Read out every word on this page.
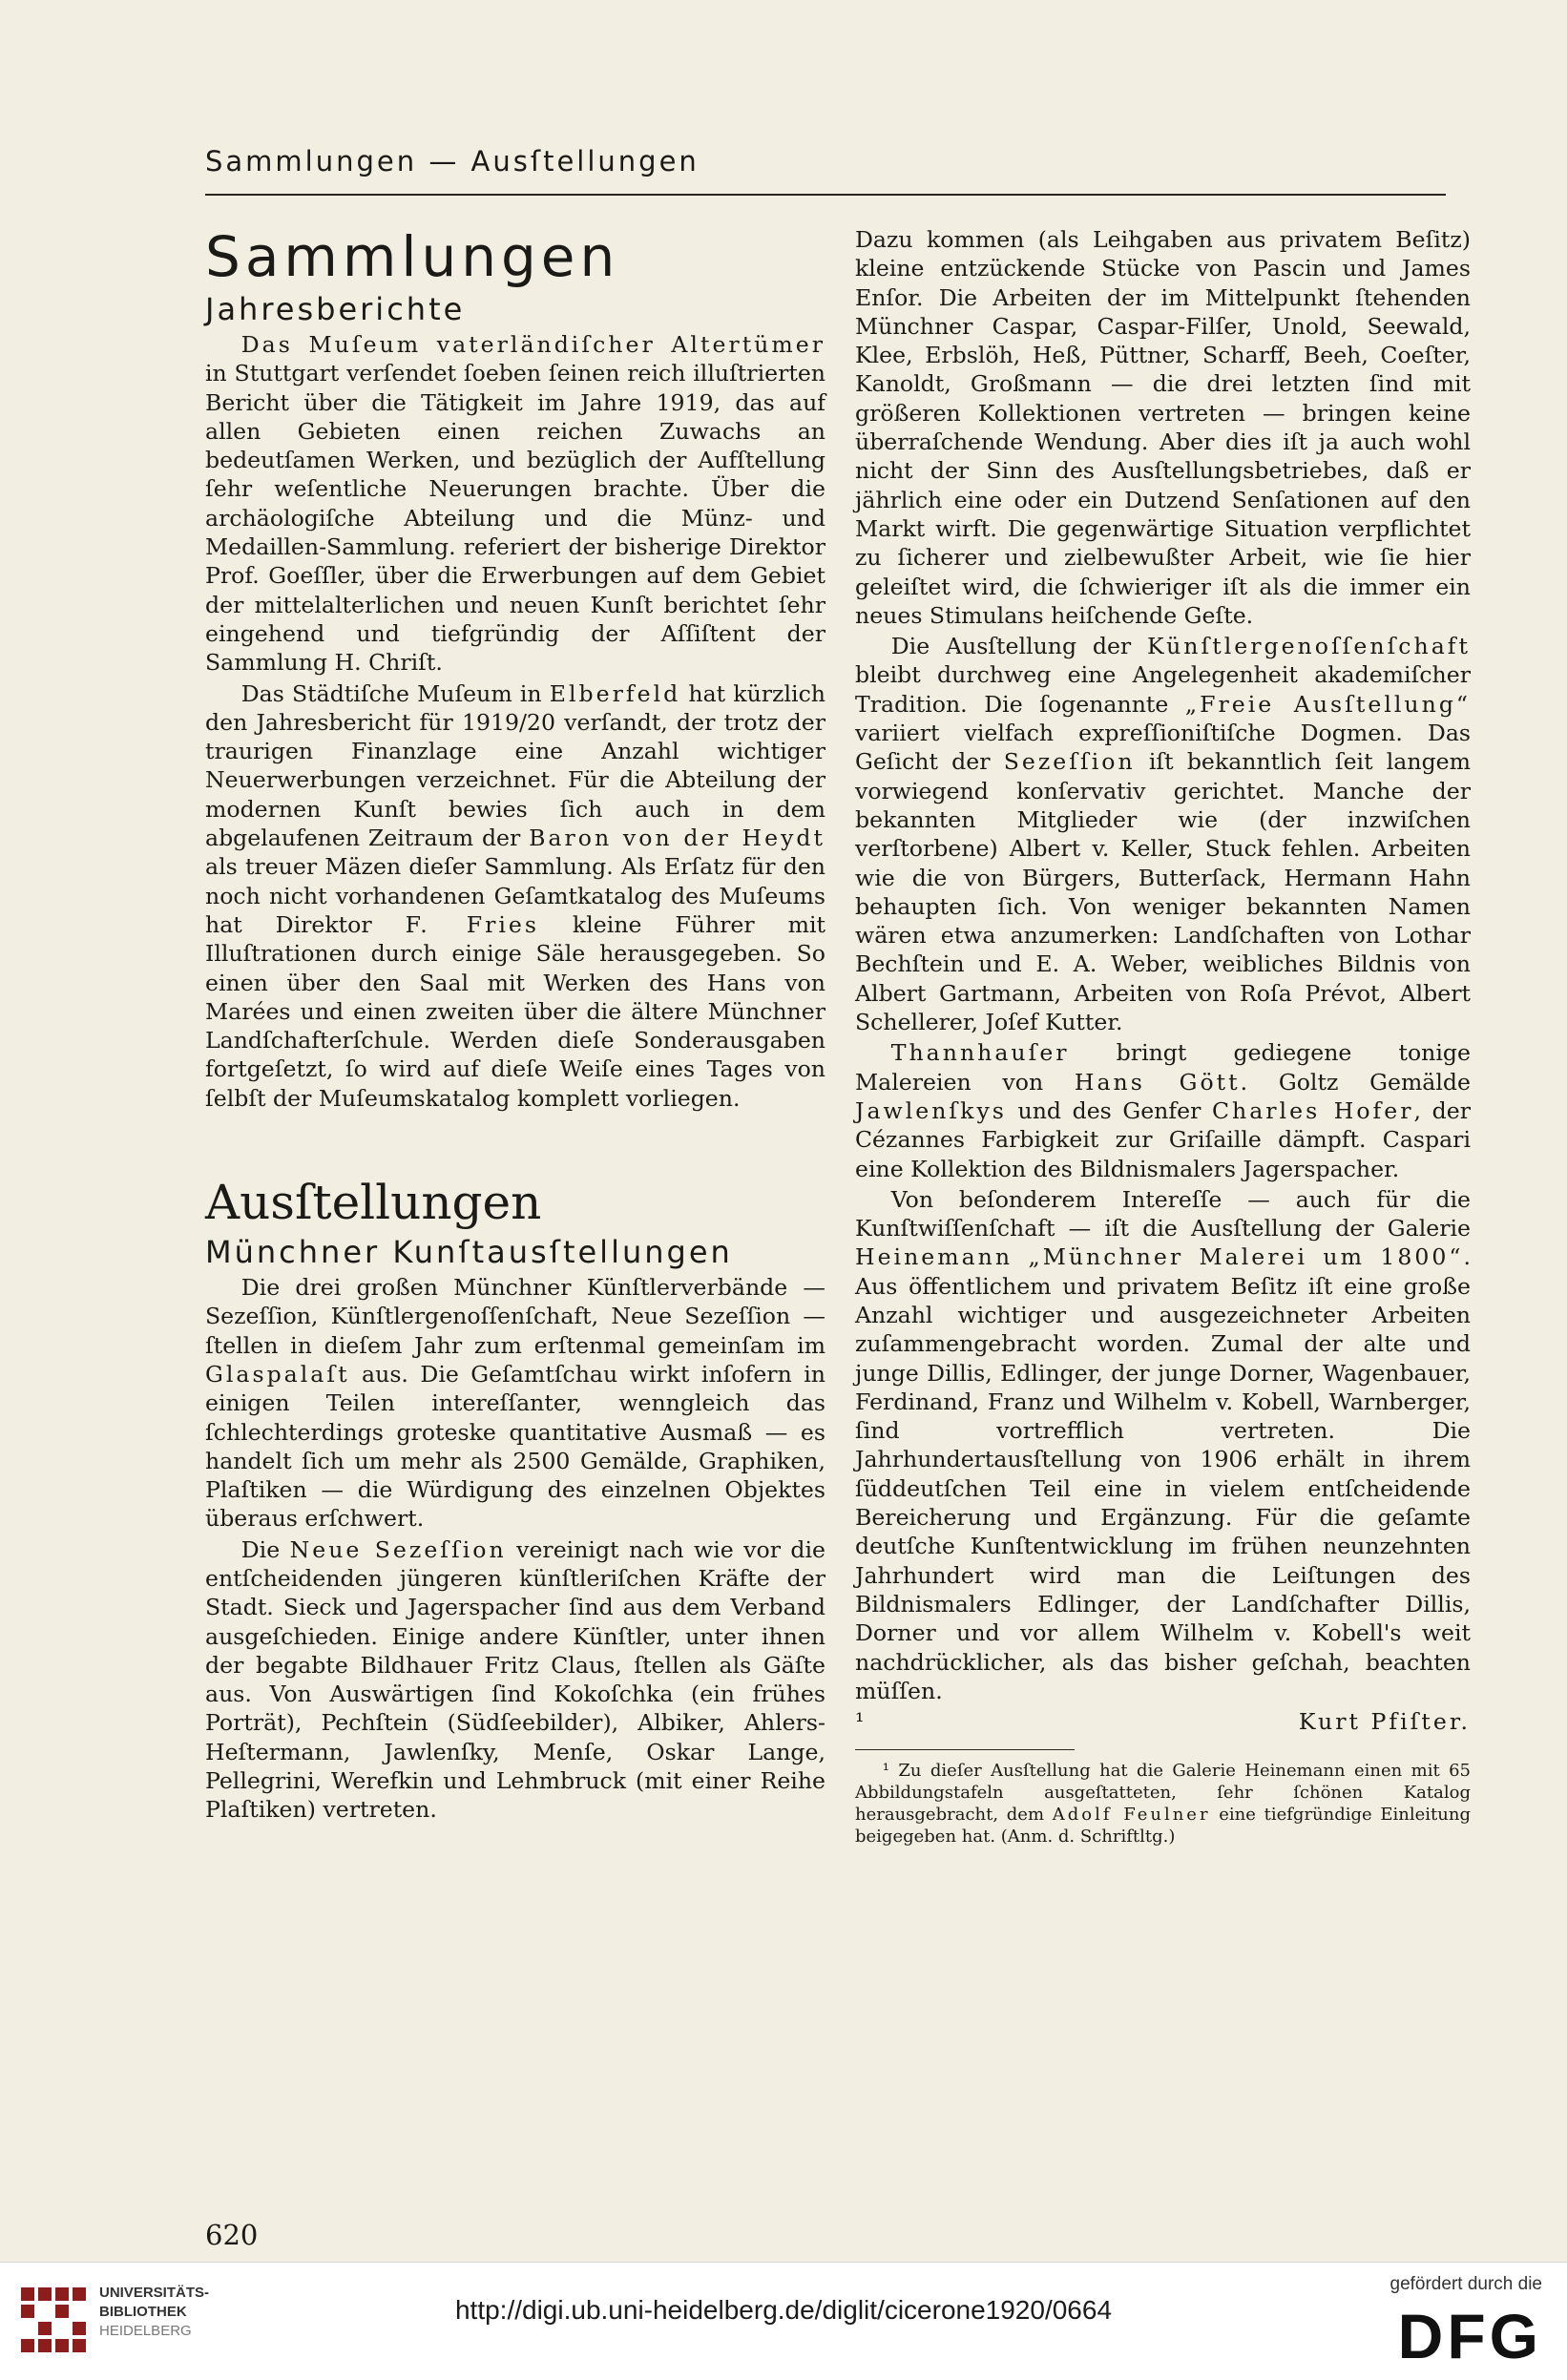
Sammlungen — Ausſtellungen
Sammlungen
Jahresberichte

Das Muſeum vaterländiſcher Altertümer in Stuttgart verſendet ſoeben ſeinen reich illuſtrierten Bericht über die Tätigkeit im Jahre 1919, das auf allen Gebieten einen reichen Zuwachs an bedeutſamen Werken, und bezüglich der Aufſtellung ſehr weſentliche Neuerungen brachte. Über die archäologiſche Abteilung und die Münz- und Medaillen-Sammlung. referiert der bisherige Direktor Prof. Goeſſler, über die Erwerbungen auf dem Gebiet der mittelalterlichen und neuen Kunſt berichtet ſehr eingehend und tiefgründig der Aſſiſtent der Sammlung H. Chriſt.

Das Städtiſche Muſeum in Elberfeld hat kürzlich den Jahresbericht für 1919/20 verſandt, der trotz der traurigen Finanzlage eine Anzahl wichtiger Neuerwerbungen verzeichnet. Für die Abteilung der modernen Kunſt bewies ſich auch in dem abgelaufenen Zeitraum der Baron von der Heydt als treuer Mäzen dieſer Sammlung. Als Erſatz für den noch nicht vorhandenen Geſamtkatalog des Muſeums hat Direktor F. Fries kleine Führer mit Illuſtrationen durch einige Säle herausgegeben. So einen über den Saal mit Werken des Hans von Marées und einen zweiten über die ältere Münchner Landſchafterſchule. Werden dieſe Sonderausgaben fortgeſetzt, ſo wird auf dieſe Weiſe eines Tages von ſelbſt der Muſeumskatalog komplett vorliegen.

Ausſtellungen
Münchner Kunſtausſtellungen

Die drei großen Münchner Künſtlerverbände — Sezeſſion, Künſtlergenoſſenſchaft, Neue Sezeſſion — ſtellen in dieſem Jahr zum erſtenmal gemeinſam im Glaspalaſt aus. Die Geſamtſchau wirkt inſofern in einigen Teilen intereſſanter, wenngleich das ſchlechterdings groteske quantitative Ausmaß — es handelt ſich um mehr als 2500 Gemälde, Graphiken, Plaſtiken — die Würdigung des einzelnen Objektes überaus erſchwert.

Die Neue Sezeſſion vereinigt nach wie vor die entſcheidenden jüngeren künſtleriſchen Kräfte der Stadt. Sieck und Jagerspacher ſind aus dem Verband ausgeſchieden. Einige andere Künſtler, unter ihnen der begabte Bildhauer Fritz Claus, ſtellen als Gäſte aus. Von Auswärtigen ſind Kokoſchka (ein frühes Porträt), Pechſtein (Südſeebilder), Albiker, Ahlers-Heſtermann, Jawlenſky, Menſe, Oskar Lange, Pellegrini, Werefkin und Lehmbruck (mit einer Reihe Plaſtiken) vertreten.

Dazu kommen (als Leihgaben aus privatem Beſitz) kleine entzückende Stücke von Pascin und James Enſor. Die Arbeiten der im Mittelpunkt ſtehenden Münchner Caspar, Caspar-Filſer, Unold, Seewald, Klee, Erbslöh, Heß, Püttner, Scharff, Beeh, Coeſter, Kanoldt, Großmann — die drei letzten ſind mit größeren Kollektionen vertreten — bringen keine überraſchende Wendung. Aber dies iſt ja auch wohl nicht der Sinn des Ausſtellungsbetriebes, daß er jährlich eine oder ein Dutzend Senſationen auf den Markt wirft. Die gegenwärtige Situation verpflichtet zu ſicherer und zielbewußter Arbeit, wie ſie hier geleiſtet wird, die ſchwieriger iſt als die immer ein neues Stimulans heiſchende Geſte.

Die Ausſtellung der Künſtlergenoſſenſchaft bleibt durchweg eine Angelegenheit akademiſcher Tradition. Die ſogenannte „Freie Ausſtellung“ variiert vielfach expreſſioniſtiſche Dogmen. Das Geſicht der Sezeſſion iſt bekanntlich ſeit langem vorwiegend konſervativ gerichtet. Manche der bekannten Mitglieder wie (der inzwiſchen verſtorbene) Albert v. Keller, Stuck fehlen. Arbeiten wie die von Bürgers, Butterſack, Hermann Hahn behaupten ſich. Von weniger bekannten Namen wären etwa anzumerken: Landſchaften von Lothar Bechſtein und E. A. Weber, weibliches Bildnis von Albert Gartmann, Arbeiten von Roſa Prévot, Albert Schellerer, Joſef Kutter.

Thannhauſer bringt gediegene tonige Malereien von Hans Gött. Goltz Gemälde Jawlenſkys und des Genfer Charles Hofer, der Cézannes Farbigkeit zur Griſaille dämpft. Caspari eine Kollektion des Bildnismalers Jagerspacher.

Von beſonderem Intereſſe — auch für die Kunſtwiſſenſchaft — iſt die Ausſtellung der Galerie Heinemann „Münchner Malerei um 1800“. Aus öffentlichem und privatem Beſitz iſt eine große Anzahl wichtiger und ausgezeichneter Arbeiten zuſammengebracht worden. Zumal der alte und junge Dillis, Edlinger, der junge Dorner, Wagenbauer, Ferdinand, Franz und Wilhelm v. Kobell, Warnberger, ſind vortrefflich vertreten. Die Jahrhundertausſtellung von 1906 erhält in ihrem ſüddeutſchen Teil eine in vielem entſcheidende Bereicherung und Ergänzung. Für die geſamte deutſche Kunſtentwicklung im frühen neunzehnten Jahrhundert wird man die Leiſtungen des Bildnismalers Edlinger, der Landſchafter Dillis, Dorner und vor allem Wilhelm v. Kobell's weit nachdrücklicher, als das bisher geſchah, beachten müſſen.

¹	Kurt Pfiſter.

¹ Zu dieſer Ausſtellung hat die Galerie Heinemann einen mit 65 Abbildungstafeln ausgeſtatteten, ſehr ſchönen Katalog herausgebracht, dem Adolf Feulner eine tiefgründige Einleitung beigegeben hat. (Anm. d. Schriftltg.)

620
UNIVERSITÄTS-
BIBLIOTHEK
HEIDELBERG
http://digi.ub.uni-heidelberg.de/diglit/cicerone1920/0664
gefördert durch die
DFG
